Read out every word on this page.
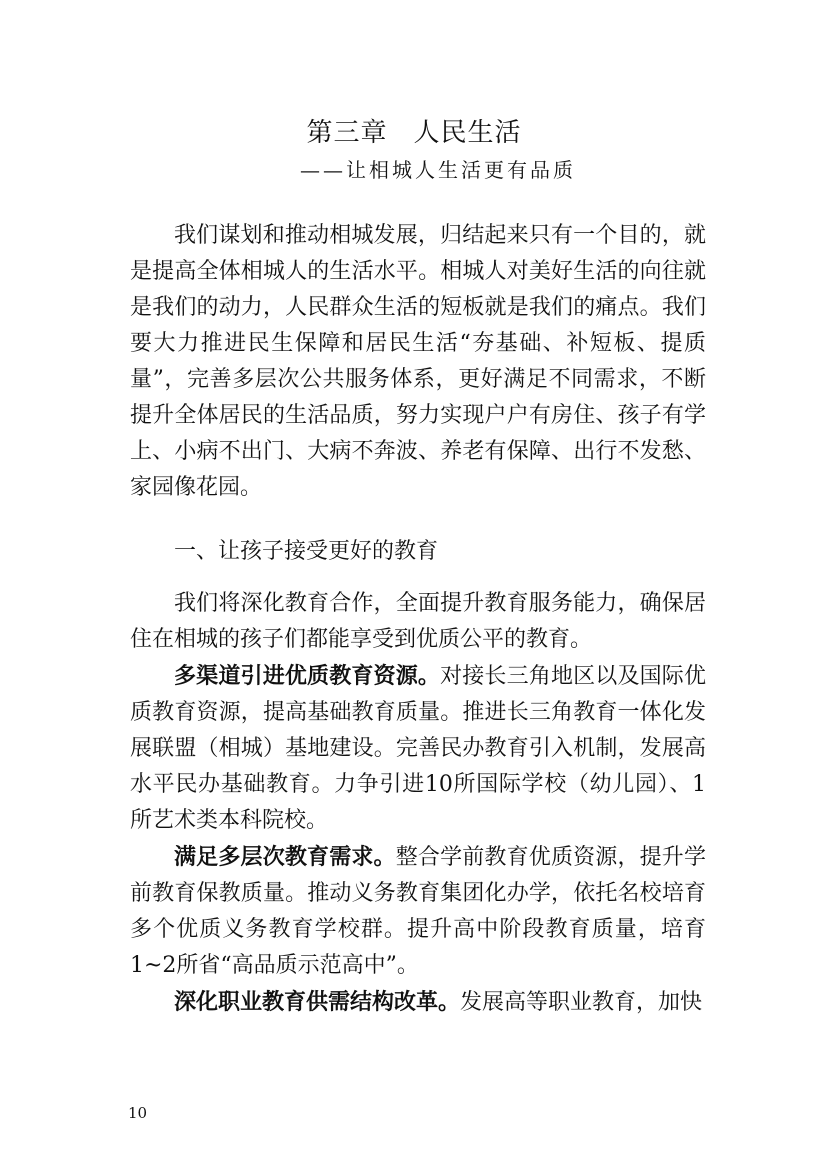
第三章 人民生活
——让相城人生活更有品质

我们谋划和推动相城发展，归结起来只有一个目的，就是提高全体相城人的生活水平。相城人对美好生活的向往就是我们的动力，人民群众生活的短板就是我们的痛点。我们要大力推进民生保障和居民生活“夯基础、补短板、提质量”，完善多层次公共服务体系，更好满足不同需求，不断提升全体居民的生活品质，努力实现户户有房住、孩子有学上、小病不出门、大病不奔波、养老有保障、出行不发愁、家园像花园。

一、让孩子接受更好的教育

我们将深化教育合作，全面提升教育服务能力，确保居住在相城的孩子们都能享受到优质公平的教育。

多渠道引进优质教育资源。对接长三角地区以及国际优质教育资源，提高基础教育质量。推进长三角教育一体化发展联盟（相城）基地建设。完善民办教育引入机制，发展高水平民办基础教育。力争引进10所国际学校（幼儿园）、1所艺术类本科院校。

满足多层次教育需求。整合学前教育优质资源，提升学前教育保教质量。推动义务教育集团化办学，依托名校培育多个优质义务教育学校群。提升高中阶段教育质量，培育1~2所省“高品质示范高中”。

深化职业教育供需结构改革。发展高等职业教育，加快

10
